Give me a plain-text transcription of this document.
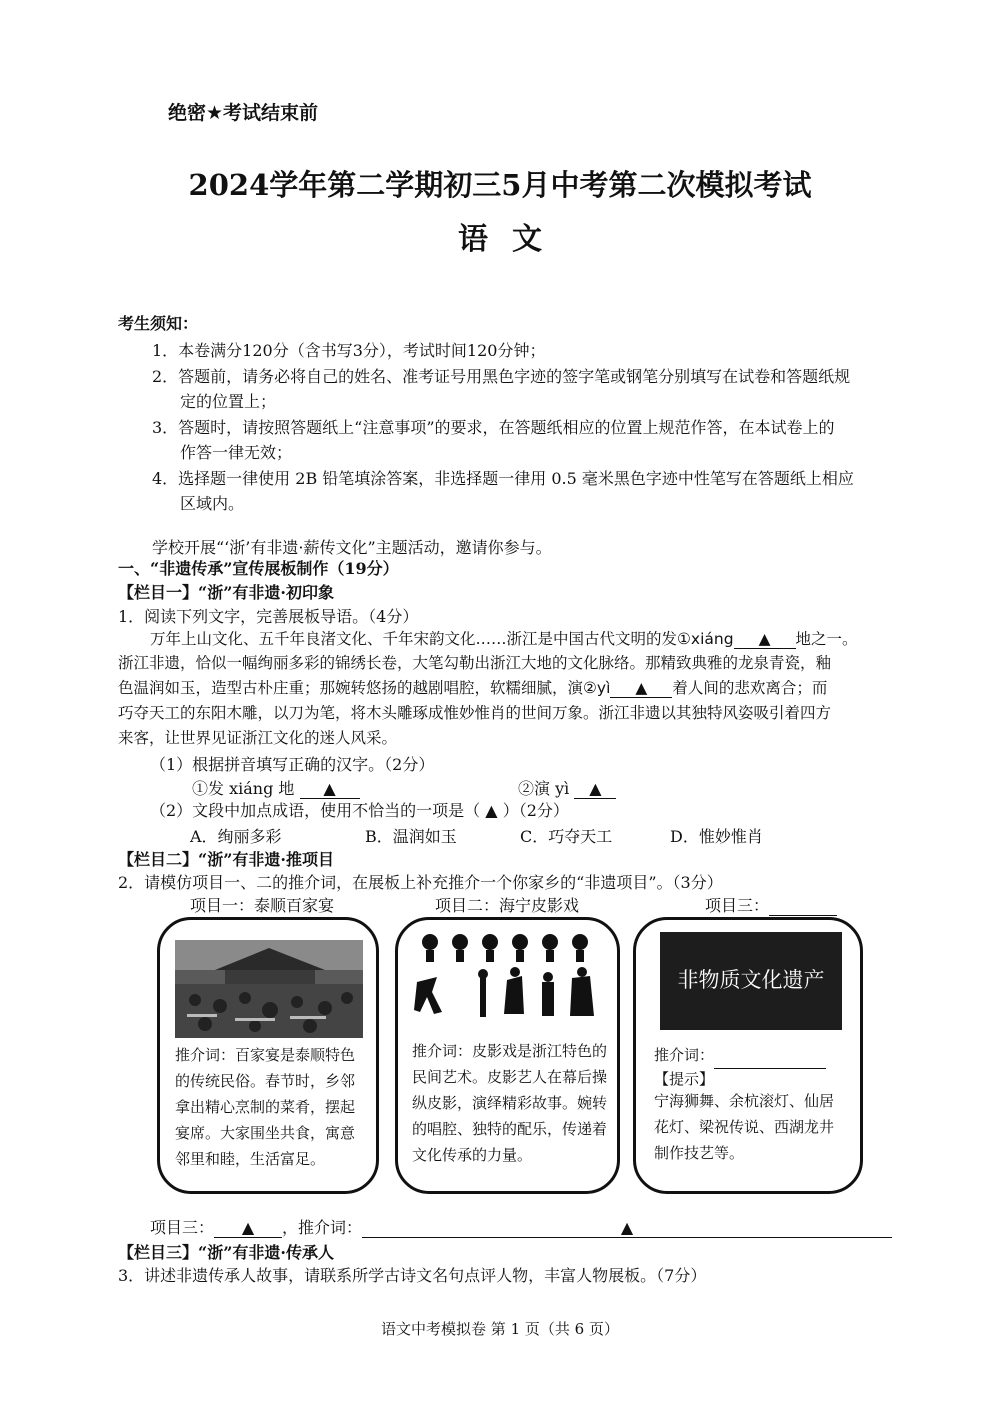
绝密★考试结束前
2024学年第二学期初三5月中考第二次模拟考试
语文
考生须知：
1．本卷满分120分（含书写3分），考试时间120分钟；
2．答题前，请务必将自己的姓名、准考证号用黑色字迹的签字笔或钢笔分别填写在试卷和答题纸规
定的位置上；
3．答题时，请按照答题纸上“注意事项”的要求，在答题纸相应的位置上规范作答，在本试卷上的
作答一律无效；
4．选择题一律使用 2B 铅笔填涂答案，非选择题一律用 0.5 毫米黑色字迹中性笔写在答题纸上相应
区域内。
学校开展“‘浙’有非遗·薪传文化”主题活动，邀请你参与。
一、“非遗传承”宣传展板制作（19分）
【栏目一】“浙”有非遗·初印象
1．阅读下列文字，完善展板导语。（4分）
万年上山文化、五千年良渚文化、千年宋韵文化……浙江是中国古代文明的发①xiáng ▲ 地之一。
浙江非遗，恰似一幅绚丽多彩的锦绣长卷，大笔勾勒出浙江大地的文化脉络。那精致典雅的龙泉青瓷，釉
色温润如玉，造型古朴庄重；那婉转悠扬的越剧唱腔，软糯细腻，演②yì ▲ 着人间的悲欢离合；而
巧夺天工的东阳木雕，以刀为笔，将木头雕琢成惟妙惟肖的世间万象。浙江非遗以其独特风姿吸引着四方
来客，让世界见证浙江文化的迷人风采。
（1）根据拼音填写正确的汉字。（2分）
①发 xiáng 地 ▲	②演 yì ▲
（2）文段中加点成语，使用不恰当的一项是（ ▲ ）（2分）
A．绚丽多彩	B．温润如玉	C．巧夺天工	D．惟妙惟肖
【栏目二】“浙”有非遗·推项目
2．请模仿项目一、二的推介词，在展板上补充推介一个你家乡的“非遗项目”。（3分）
项目一：泰顺百家宴	项目二：海宁皮影戏	项目三：
推介词：百家宴是泰顺特色的传统民俗。春节时，乡邻拿出精心烹制的菜肴，摆起宴席。大家围坐共食，寓意邻里和睦，生活富足。
推介词：皮影戏是浙江特色的民间艺术。皮影艺人在幕后操纵皮影，演绎精彩故事。婉转的唱腔、独特的配乐，传递着文化传承的力量。
非物质文化遗产
推介词：
【提示】
宁海狮舞、余杭滚灯、仙居花灯、梁祝传说、西湖龙井制作技艺等。
项目三： ▲ ，推介词：	▲
【栏目三】“浙”有非遗·传承人
3．讲述非遗传承人故事，请联系所学古诗文名句点评人物，丰富人物展板。（7分）
语文中考模拟卷 第 1 页（共 6 页）
